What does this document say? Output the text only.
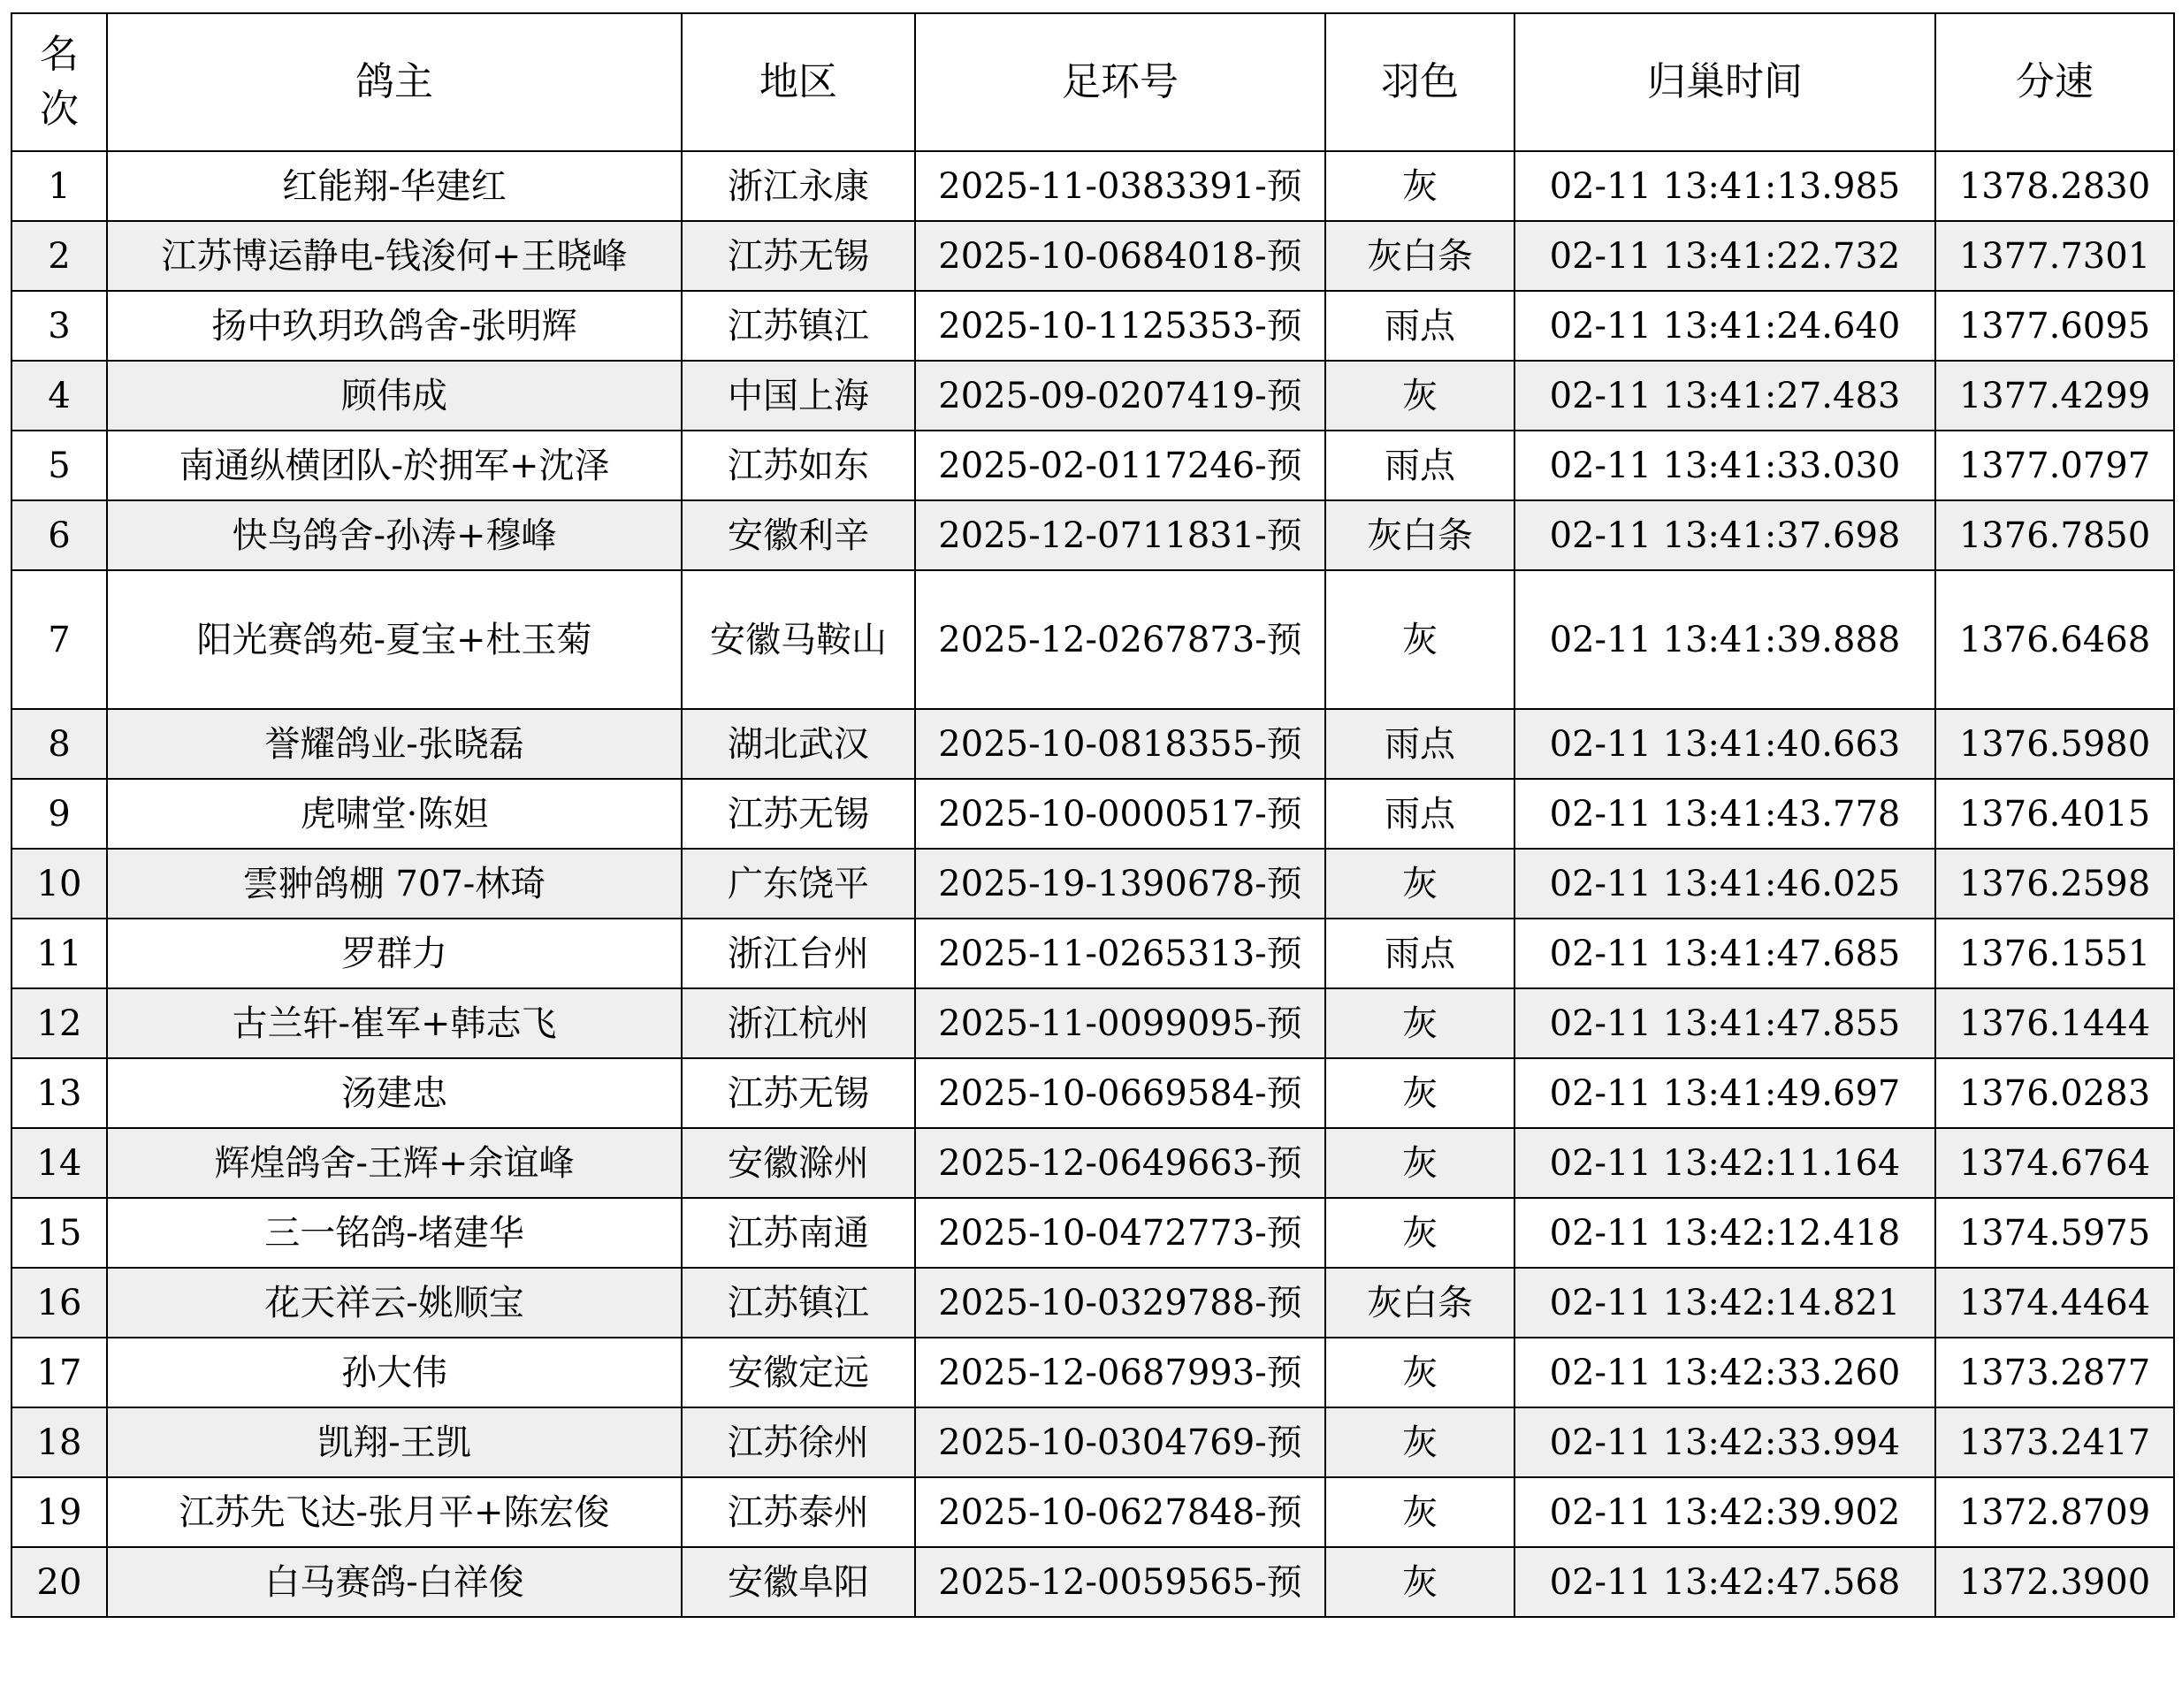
名次	鸽主	地区	足环号	羽色	归巢时间	分速
1	红能翔-华建红	浙江永康	2025-11-0383391-预	灰	02-11 13:41:13.985	1378.2830
2	江苏博运静电-钱浚何+王晓峰	江苏无锡	2025-10-0684018-预	灰白条	02-11 13:41:22.732	1377.7301
3	扬中玖玥玖鸽舍-张明辉	江苏镇江	2025-10-1125353-预	雨点	02-11 13:41:24.640	1377.6095
4	顾伟成	中国上海	2025-09-0207419-预	灰	02-11 13:41:27.483	1377.4299
5	南通纵横团队-於拥军+沈泽	江苏如东	2025-02-0117246-预	雨点	02-11 13:41:33.030	1377.0797
6	快鸟鸽舍-孙涛+穆峰	安徽利辛	2025-12-0711831-预	灰白条	02-11 13:41:37.698	1376.7850
7	阳光赛鸽苑-夏宝+杜玉菊	安徽马鞍山	2025-12-0267873-预	灰	02-11 13:41:39.888	1376.6468
8	誉耀鸽业-张晓磊	湖北武汉	2025-10-0818355-预	雨点	02-11 13:41:40.663	1376.5980
9	虎啸堂·陈妲	江苏无锡	2025-10-0000517-预	雨点	02-11 13:41:43.778	1376.4015
10	雲翀鸽棚 707-林琦	广东饶平	2025-19-1390678-预	灰	02-11 13:41:46.025	1376.2598
11	罗群力	浙江台州	2025-11-0265313-预	雨点	02-11 13:41:47.685	1376.1551
12	古兰轩-崔军+韩志飞	浙江杭州	2025-11-0099095-预	灰	02-11 13:41:47.855	1376.1444
13	汤建忠	江苏无锡	2025-10-0669584-预	灰	02-11 13:41:49.697	1376.0283
14	辉煌鸽舍-王辉+余谊峰	安徽滁州	2025-12-0649663-预	灰	02-11 13:42:11.164	1374.6764
15	三一铭鸽-堵建华	江苏南通	2025-10-0472773-预	灰	02-11 13:42:12.418	1374.5975
16	花天祥云-姚顺宝	江苏镇江	2025-10-0329788-预	灰白条	02-11 13:42:14.821	1374.4464
17	孙大伟	安徽定远	2025-12-0687993-预	灰	02-11 13:42:33.260	1373.2877
18	凯翔-王凯	江苏徐州	2025-10-0304769-预	灰	02-11 13:42:33.994	1373.2417
19	江苏先飞达-张月平+陈宏俊	江苏泰州	2025-10-0627848-预	灰	02-11 13:42:39.902	1372.8709
20	白马赛鸽-白祥俊	安徽阜阳	2025-12-0059565-预	灰	02-11 13:42:47.568	1372.3900
